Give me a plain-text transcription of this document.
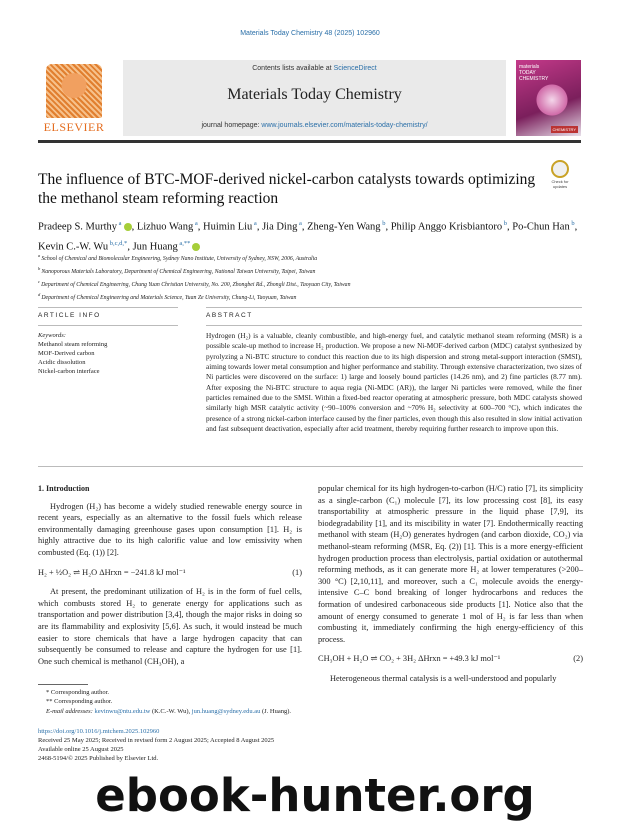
Materials Today Chemistry 48 (2025) 102960
ELSEVIER
Contents lists available at ScienceDirect
Materials Today Chemistry
journal homepage: www.journals.elsevier.com/materials-today-chemistry/
materials
TODAY
CHEMISTRY
CHEMISTRY
Check for
updates
The influence of BTC-MOF-derived nickel-carbon catalysts towards optimizing the methanol steam reforming reaction
Pradeep S. Murthy $^a$ , Lizhuo Wang $^a$, Huimin Liu $^a$, Jia Ding $^a$, Zheng-Yen Wang $^b$, Philip Anggo Krisbiantoro $^b$, Po-Chun Han $^b$, Kevin C.-W. Wu $^{b,c,d,*}$, Jun Huang $^{a,**}$
$^a$ School of Chemical and Biomolecular Engineering, Sydney Nano Institute, University of Sydney, NSW, 2006, Australia
$^b$ Nanoporous Materials Laboratory, Department of Chemical Engineering, National Taiwan University, Taipei, Taiwan
$^c$ Department of Chemical Engineering, Chung Yuan Christian University, No. 200, Zhongbei Rd., Zhongli Dist., Taoyuan City, Taiwan
$^d$ Department of Chemical Engineering and Materials Science, Yuan Ze University, Chung-Li, Taoyuan, Taiwan
ARTICLE INFO	ABSTRACT
Keywords:
Methanol steam reforming
MOF-Derived carbon
Acidic dissolution
Nickel-carbon interface
Hydrogen (H₂) is a valuable, cleanly combustible, and high-energy fuel, and catalytic methanol steam reforming (MSR) is a possible scale-up method to increase H₂ production. We propose a new Ni-MOF-derived carbon (MDC) catalyst synthesized by pyrolyzing a Ni-BTC structure to conduct this reaction due to its high dispersion and strong metal-support interaction (SMSI), aiming towards lower metal consumption and higher performance and stability. Through extensive characterization, two sizes of Ni particles were discovered on the surface: 1) large and loosely bound particles (14.26 nm), and 2) fine particles (8.77 nm). After exposing the Ni-BTC structure to aqua regia (Ni-MDC (AR)), the larger Ni particles were removed, while the finer particles remained due to the SMSI. Within a fixed-bed reactor operating at atmospheric pressure, both MDC catalysts showed similarly high MSR catalytic activity (~90–100% conversion and ~70% H₂ selectivity at 600–700 °C), which indicates the presence of a strong nickel-carbon interface caused by the finer particles, even though this also resulted in slow initial activation and fast subsequent deactivation, especially after acid treatment, thereby requiring further research to improve upon this.
1. Introduction

Hydrogen (H₂) has become a widely studied renewable energy source in recent years, especially as an alternative to the fossil fuels which release environmentally damaging greenhouse gases upon consumption [1]. H₂ is highly attractive due to its high calorific value and low emissivity when combusted (Eq. (1)) [2].

H₂ + ½O₂ ⇌ H₂O ΔHrxn = −241.8 kJ mol⁻¹	(1)

At present, the predominant utilization of H₂ is in the form of fuel cells, which combusts stored H₂ to generate energy for applications such as transportation and power distribution [3,4], though the major risks in doing so are its flammability and explosivity [5,6]. As such, it would instead be much easier to store chemicals that have a large hydrogen capacity that can subsequently be consumed to release and capture the hydrogen for use [1]. One such chemical is methanol (CH₃OH), a

popular chemical for its high hydrogen-to-carbon (H/C) ratio [7], its simplicity as a single-carbon (C₁) molecule [7], its low processing cost [8], its easy transportability at atmospheric pressure in the liquid phase [7,9], its biodegradability [1], and its miscibility in water [7]. Endothermically reacting methanol with steam (H₂O) generates hydrogen (and carbon dioxide, CO₂) via methanol-steam reforming (MSR, Eq. (2)) [1]. This is a more energy-efficient hydrogen production process than electrolysis, partial oxidation or autothermal reforming methods, as it can generate more H₂ at lower temperatures (>200–300 °C) [2,10,11], and moreover, such a C₁ molecule avoids the energy-intensive C–C bond breaking of longer hydrocarbons and reduces the formation of undesired carbonaceous side products [1]. Notice also that the amount of energy consumed to generate 1 mol of H₂ is far less than when combusting it, immediately confirming the high energy-efficiency of this process.

CH₃OH + H₂O ⇌ CO₂ + 3H₂ ΔHrxn = +49.3 kJ mol⁻¹	(2)

Heterogeneous thermal catalysis is a well-understood and popularly

* Corresponding author.
** Corresponding author.
E-mail addresses: kevinwu@ntu.edu.tw (K.C.-W. Wu), jun.huang@sydney.edu.au (J. Huang).
https://doi.org/10.1016/j.mtchem.2025.102960
Received 25 May 2025; Received in revised form 2 August 2025; Accepted 8 August 2025
Available online 25 August 2025
2468-5194/© 2025 Published by Elsevier Ltd.
ebook-hunter.org
